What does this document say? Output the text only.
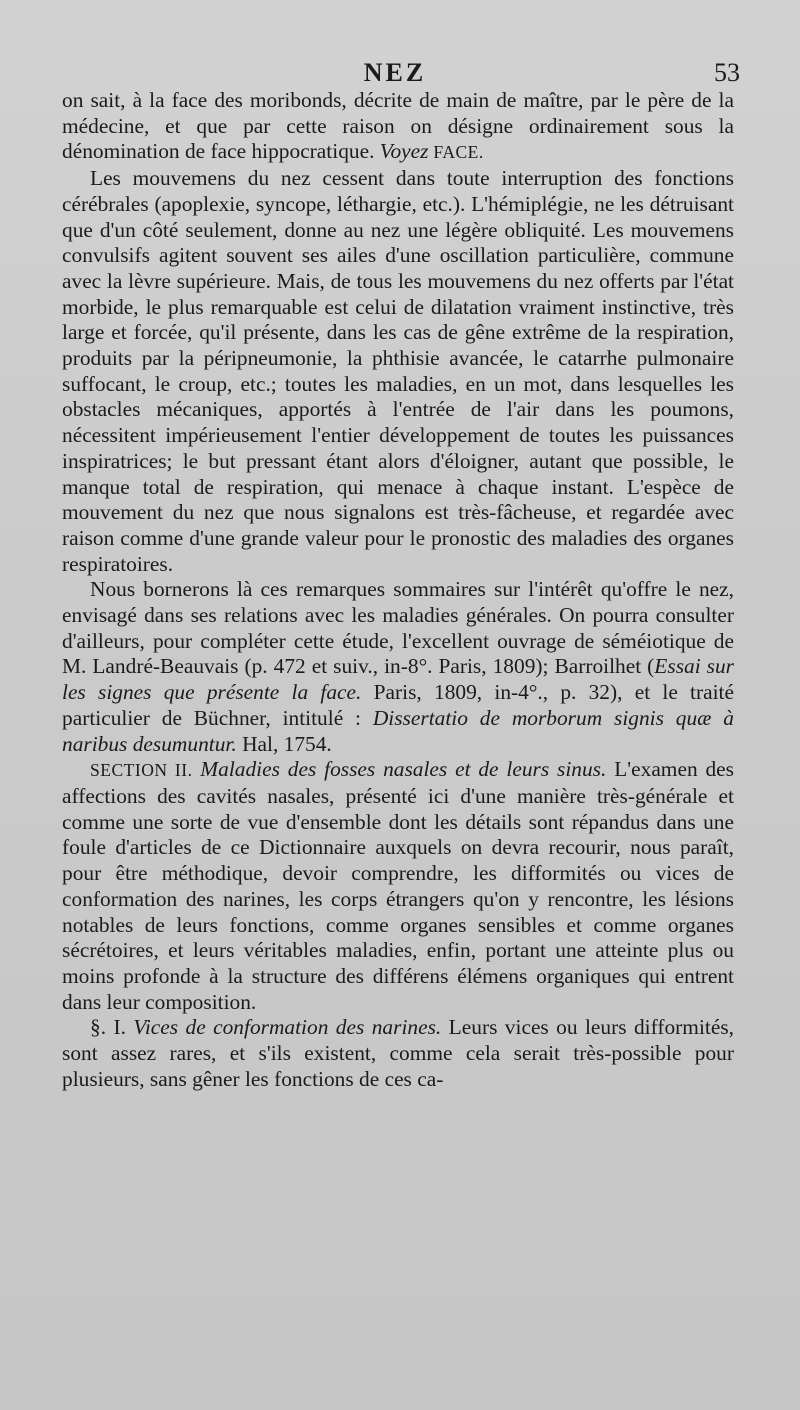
NEZ	53

on sait, à la face des moribonds, décrite de main de maître, par le père de la médecine, et que par cette raison on désigne ordinairement sous la dénomination de face hippocratique. Voyez FACE.

Les mouvemens du nez cessent dans toute interruption des fonctions cérébrales (apoplexie, syncope, léthargie, etc.). L'hémiplégie, ne les détruisant que d'un côté seulement, donne au nez une légère obliquité. Les mouvemens convulsifs agitent souvent ses ailes d'une oscillation particulière, commune avec la lèvre supérieure. Mais, de tous les mouvemens du nez offerts par l'état morbide, le plus remarquable est celui de dilatation vraiment instinctive, très large et forcée, qu'il présente, dans les cas de gêne extrême de la respiration, produits par la péripneumonie, la phthisie avancée, le catarrhe pulmonaire suffocant, le croup, etc.; toutes les maladies, en un mot, dans lesquelles les obstacles mécaniques, apportés à l'entrée de l'air dans les poumons, nécessitent impérieusement l'entier développement de toutes les puissances inspiratrices; le but pressant étant alors d'éloigner, autant que possible, le manque total de respiration, qui menace à chaque instant. L'espèce de mouvement du nez que nous signalons est très-fâcheuse, et regardée avec raison comme d'une grande valeur pour le pronostic des maladies des organes respiratoires.

Nous bornerons là ces remarques sommaires sur l'intérêt qu'offre le nez, envisagé dans ses relations avec les maladies générales. On pourra consulter d'ailleurs, pour compléter cette étude, l'excellent ouvrage de séméiotique de M. Landré-Beauvais (p. 472 et suiv., in-8°. Paris, 1809); Barroilhet (Essai sur les signes que présente la face. Paris, 1809, in-4°., p. 32), et le traité particulier de Büchner, intitulé : Dissertatio de morborum signis quæ à naribus desumuntur. Hal, 1754.

SECTION II. Maladies des fosses nasales et de leurs sinus. L'examen des affections des cavités nasales, présenté ici d'une manière très-générale et comme une sorte de vue d'ensemble dont les détails sont répandus dans une foule d'articles de ce Dictionnaire auxquels on devra recourir, nous paraît, pour être méthodique, devoir comprendre, les difformités ou vices de conformation des narines, les corps étrangers qu'on y rencontre, les lésions notables de leurs fonctions, comme organes sensibles et comme organes sécrétoires, et leurs véritables maladies, enfin, portant une atteinte plus ou moins profonde à la structure des différens élémens organiques qui entrent dans leur composition.

§. I. Vices de conformation des narines. Leurs vices ou leurs difformités, sont assez rares, et s'ils existent, comme cela serait très-possible pour plusieurs, sans gêner les fonctions de ces ca-
